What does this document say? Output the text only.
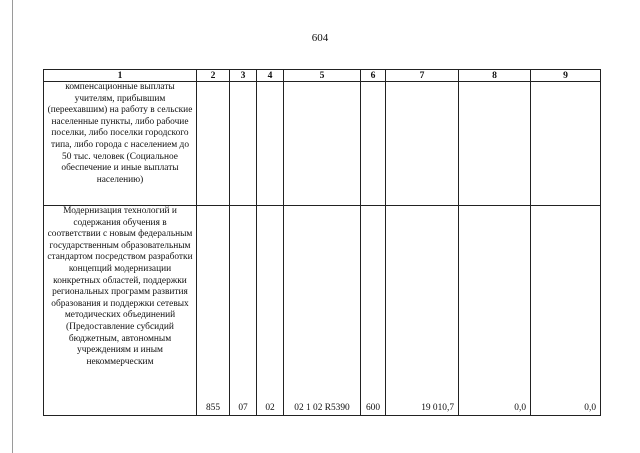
604
1	2	3	4	5	6	7	8	9
компенсационные выплаты учителям, прибывшим (переехавшим) на работу в сельские населенные пункты, либо рабочие поселки, либо поселки городского типа, либо города с населением до 50 тыс. человек (Социальное обеспечение и иные выплаты населению)								
Модернизация технологий и содержания обучения в соответствии с новым федеральным государственным образовательным стандартом посредством разработки концепций модернизации конкретных областей, поддержки региональных программ развития образования и поддержки сетевых методических объединений (Предоставление субсидий бюджетным, автономным учреждениям и иным некоммерческим	855	07	02	02 1 02 R5390	600	19 010,7	0,0	0,0
